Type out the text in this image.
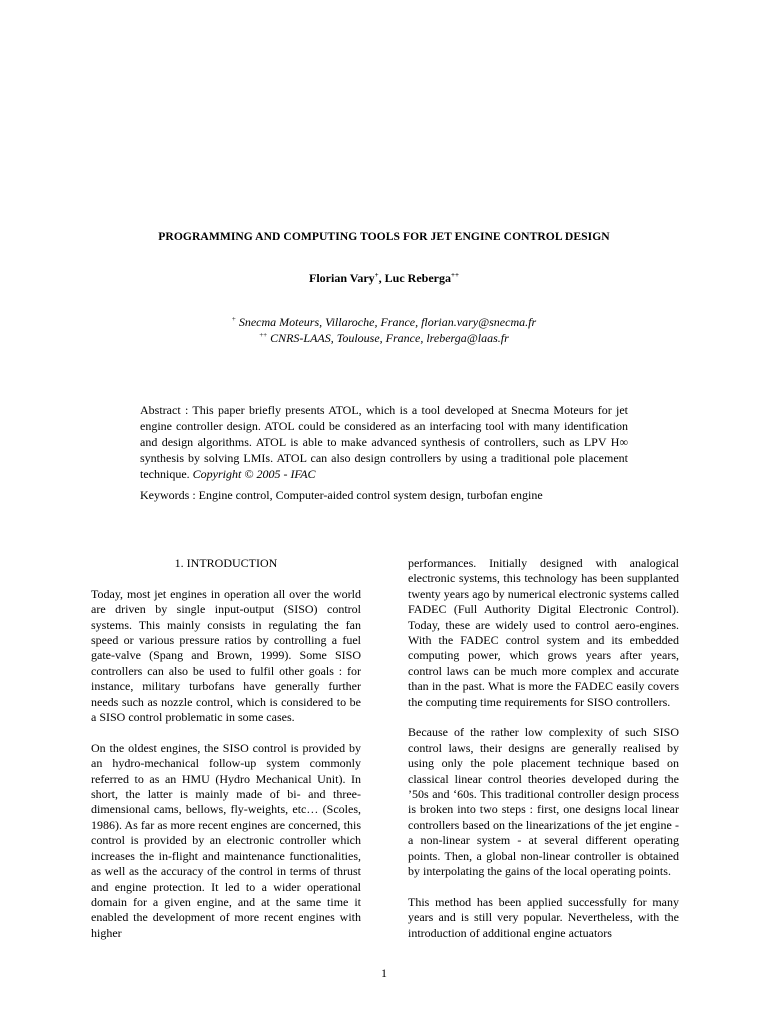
PROGRAMMING AND COMPUTING TOOLS FOR JET ENGINE CONTROL DESIGN
Florian Vary+, Luc Reberga++
+ Snecma Moteurs, Villaroche, France, florian.vary@snecma.fr
++ CNRS-LAAS, Toulouse, France, lreberga@laas.fr
Abstract : This paper briefly presents ATOL, which is a tool developed at Snecma Moteurs for jet engine controller design. ATOL could be considered as an interfacing tool with many identification and design algorithms. ATOL is able to make advanced synthesis of controllers, such as LPV H∞ synthesis by solving LMIs. ATOL can also design controllers by using a traditional pole placement technique. Copyright © 2005 - IFAC
Keywords : Engine control, Computer-aided control system design, turbofan engine
1. INTRODUCTION

Today, most jet engines in operation all over the world are driven by single input-output (SISO) control systems. This mainly consists in regulating the fan speed or various pressure ratios by controlling a fuel gate-valve (Spang and Brown, 1999). Some SISO controllers can also be used to fulfil other goals : for instance, military turbofans have generally further needs such as nozzle control, which is considered to be a SISO control problematic in some cases.

On the oldest engines, the SISO control is provided by an hydro-mechanical follow-up system commonly referred to as an HMU (Hydro Mechanical Unit). In short, the latter is mainly made of bi- and three- dimensional cams, bellows, fly-weights, etc… (Scoles, 1986). As far as more recent engines are concerned, this control is provided by an electronic controller which increases the in-flight and maintenance functionalities, as well as the accuracy of the control in terms of thrust and engine protection. It led to a wider operational domain for a given engine, and at the same time it enabled the development of more recent engines with higher

performances. Initially designed with analogical electronic systems, this technology has been supplanted twenty years ago by numerical electronic systems called FADEC (Full Authority Digital Electronic Control). Today, these are widely used to control aero-engines. With the FADEC control system and its embedded computing power, which grows years after years, control laws can be much more complex and accurate than in the past. What is more the FADEC easily covers the computing time requirements for SISO controllers.

Because of the rather low complexity of such SISO control laws, their designs are generally realised by using only the pole placement technique based on classical linear control theories developed during the ’50s and ‘60s. This traditional controller design process is broken into two steps : first, one designs local linear controllers based on the linearizations of the jet engine - a non-linear system - at several different operating points. Then, a global non-linear controller is obtained by interpolating the gains of the local operating points.

This method has been applied successfully for many years and is still very popular. Nevertheless, with the introduction of additional engine actuators

1
